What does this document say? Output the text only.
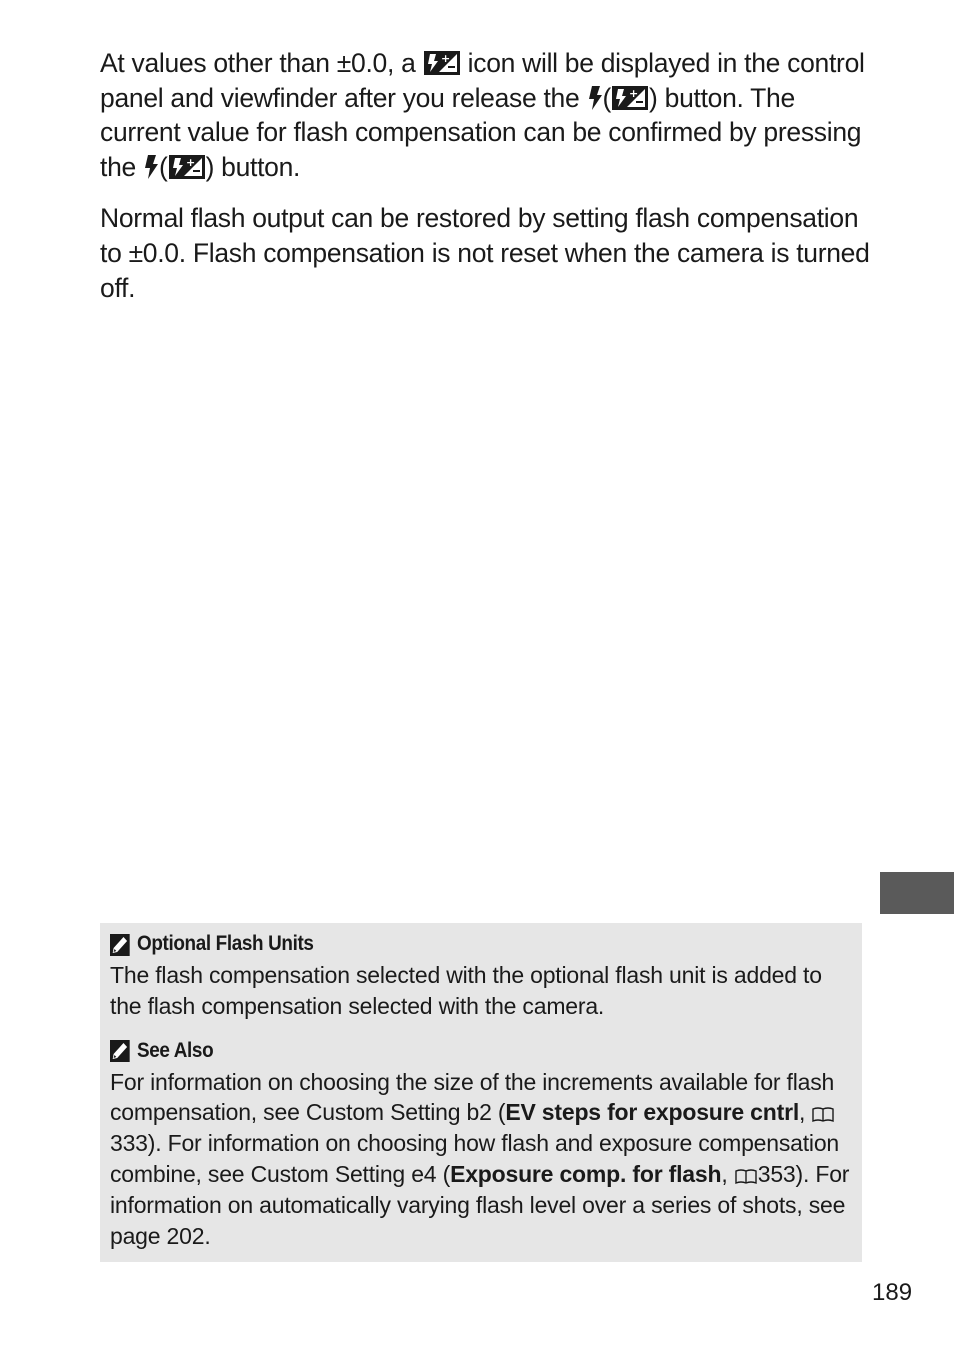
At values other than ±0.0, a + icon will be displayed in the control panel and viewfinder after you release the ( + ) button. The current value for flash compensation can be confirmed by pressing the ( + ) button.

Normal flash output can be restored by setting flash compensation to ±0.0. Flash compensation is not reset when the camera is turned off.

Optional Flash Units

The flash compensation selected with the optional flash unit is added to the flash compensation selected with the camera.

See Also

For information on choosing the size of the increments available for flash compensation, see Custom Setting b2 (EV steps for exposure cntrl, 333). For information on choosing how flash and exposure compensation combine, see Custom Setting e4 (Exposure comp. for flash, 353). For information on automatically varying flash level over a series of shots, see page 202.

189
